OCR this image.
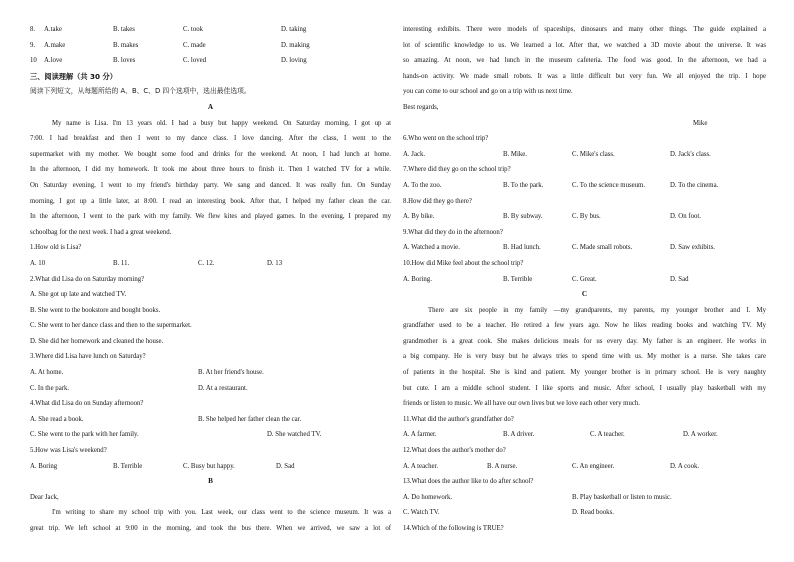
8. A.take	B. takes	C. took	D. taking
9. A.make	B. makes	C. made	D. making
10 A.love	B. loves	C. loved	D. loving
三、阅读理解（共 30 分）
阅读下列短文，从每题所给的 A、B、C、D 四个选项中，选出最佳选项。
A
My name is Lisa. I'm 13 years old. I had a busy but happy weekend. On Saturday morning, I got up at
7:00. I had breakfast and then I went to my dance class. I love dancing. After the class, I went to the
supermarket with my mother. We bought some food and drinks for the weekend. At noon, I had lunch at home.
In the afternoon, I did my homework. It took me about three hours to finish it. Then I watched TV for a while.
On Saturday evening, I went to my friend's birthday party. We sang and danced. It was really fun. On Sunday
morning, I got up a little later, at 8:00. I read an interesting book. After that, I helped my father clean the car.
In the afternoon, I went to the park with my family. We flew kites and played games. In the evening, I prepared my
schoolbag for the next week. I had a great weekend.
1.How old is Lisa?
A. 10	B. 11.	C. 12.	D. 13
2.What did Lisa do on Saturday morning?
A. She got up late and watched TV.
B. She went to the bookstore and bought books.
C. She went to her dance class and then to the supermarket.
D. She did her homework and cleaned the house.
3.Where did Lisa have lunch on Saturday?
A. At home.	B. At her friend's house.
C. In the park.	D. At a restaurant.
4.What did Lisa do on Sunday afternoon?
A. She read a book.	B. She helped her father clean the car.
C. She went to the park with her family.	D. She watched TV.
5.How was Lisa's weekend?
A. Boring	B. Terrible	C. Busy but happy.	D. Sad
B
Dear Jack,
I'm writing to share my school trip with you. Last week, our class went to the science museum. It was a
great trip. We left school at 9:00 in the morning, and took the bus there. When we arrived, we saw a lot of
interesting exhibits. There were models of spaceships, dinosaurs and many other things. The guide explained a
lot of scientific knowledge to us. We learned a lot. After that, we watched a 3D movie about the universe. It was
so amazing. At noon, we had lunch in the museum cafeteria. The food was good. In the afternoon, we had a
hands-on activity. We made small robots. It was a little difficult but very fun. We all enjoyed the trip. I hope
you can come to our school and go on a trip with us next time.
Best regards,
Mike
6.Who went on the school trip?
A. Jack.	B. Mike.	C. Mike's class.	D. Jack's class.
7.Where did they go on the school trip?
A. To the zoo.	B. To the park.	C. To the science museum.	D. To the cinema.
8.How did they go there?
A. By bike.	B. By subway.	C. By bus.	D. On foot.
9.What did they do in the afternoon?
A. Watched a movie.	B. Had lunch.	C. Made small robots.	D. Saw exhibits.
10.How did Mike feel about the school trip?
A. Boring.	B. Terrible	C. Great.	D. Sad
C
There are six people in my family —my grandparents, my parents, my younger brother and I. My
grandfather used to be a teacher. He retired a few years ago. Now he likes reading books and watching TV. My
grandmother is a great cook. She makes delicious meals for us every day. My father is an engineer. He works in
a big company. He is very busy but he always tries to spend time with us. My mother is a nurse. She takes care
of patients in the hospital. She is kind and patient. My younger brother is in primary school. He is very naughty
but cute. I am a middle school student. I like sports and music. After school, I usually play basketball with my
friends or listen to music. We all have our own lives but we love each other very much.
11.What did the author's grandfather do?
A. A farmer.	B. A driver.	C. A teacher.	D. A worker.
12.What does the author's mother do?
A. A teacher.	B. A nurse.	C. An engineer.	D. A cook.
13.What does the author like to do after school?
A. Do homework.	B. Play basketball or listen to music.
C. Watch TV.	D. Read books.
14.Which of the following is TRUE?
